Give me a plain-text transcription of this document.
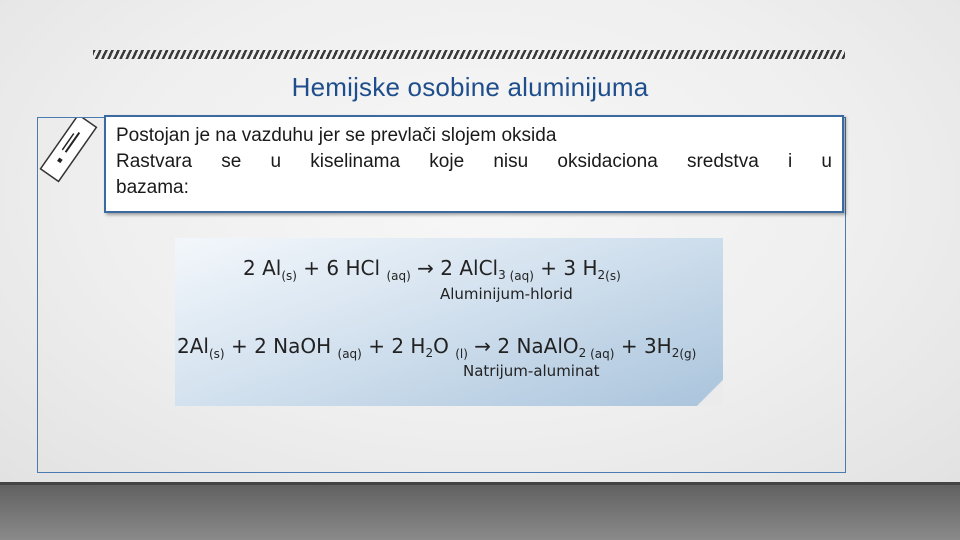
Hemijske osobine aluminijuma
Postojan je na vazduhu jer se prevlači slojem oksida
Rastvara se u kiselinama koje nisu oksidaciona sredstva i u
bazama:
2 $Al_{(s)} + 6$ HCl $_{(aq)}$ → 2 AlCl$_3$ $_{(aq)}$ + 3 $H_{2(s)}$
Aluminijum-hlorid
$2Al_{(s)} + 2$ NaOH $_{(aq)}$ + 2 $H_2O$ $_{(l)}$ → 2 NaAlO$_2$ $_{(aq)} + 3H_{2(g)}$
Natrijum-aluminat
